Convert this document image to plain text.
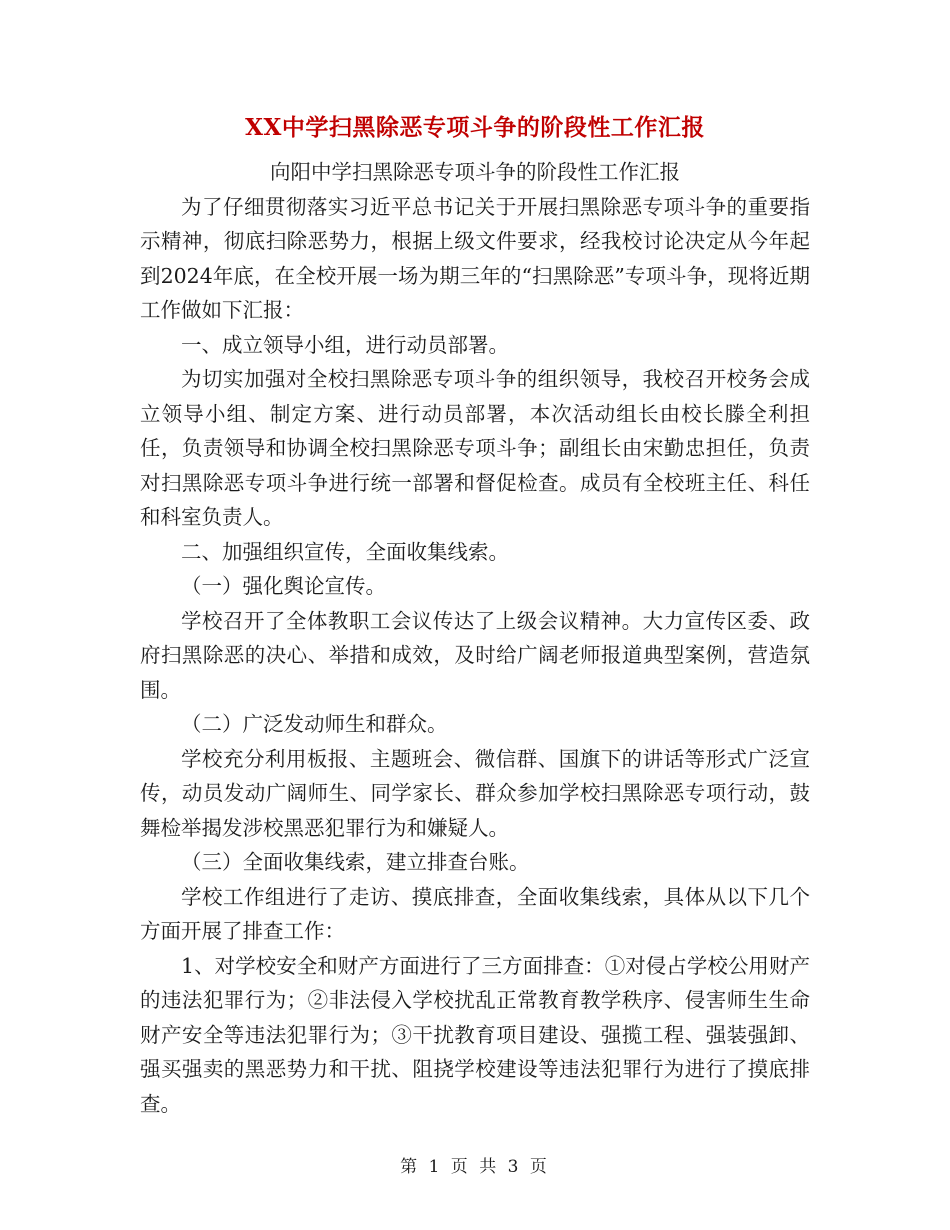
XX中学扫黑除恶专项斗争的阶段性工作汇报

向阳中学扫黑除恶专项斗争的阶段性工作汇报

为了仔细贯彻落实习近平总书记关于开展扫黑除恶专项斗争的重要指示精神，彻底扫除恶势力，根据上级文件要求，经我校讨论决定从今年起到2024年底，在全校开展一场为期三年的“扫黑除恶”专项斗争，现将近期工作做如下汇报：

一、成立领导小组，进行动员部署。

为切实加强对全校扫黑除恶专项斗争的组织领导，我校召开校务会成立领导小组、制定方案、进行动员部署，本次活动组长由校长滕全利担任，负责领导和协调全校扫黑除恶专项斗争；副组长由宋勤忠担任，负责对扫黑除恶专项斗争进行统一部署和督促检查。成员有全校班主任、科任和科室负责人。

二、加强组织宣传，全面收集线索。

（一）强化舆论宣传。

学校召开了全体教职工会议传达了上级会议精神。大力宣传区委、政府扫黑除恶的决心、举措和成效，及时给广阔老师报道典型案例，营造氛围。

（二）广泛发动师生和群众。

学校充分利用板报、主题班会、微信群、国旗下的讲话等形式广泛宣传，动员发动广阔师生、同学家长、群众参加学校扫黑除恶专项行动，鼓舞检举揭发涉校黑恶犯罪行为和嫌疑人。

（三）全面收集线索，建立排查台账。

学校工作组进行了走访、摸底排查，全面收集线索，具体从以下几个方面开展了排查工作：

1、对学校安全和财产方面进行了三方面排查：①对侵占学校公用财产的违法犯罪行为；②非法侵入学校扰乱正常教育教学秩序、侵害师生生命财产安全等违法犯罪行为；③干扰教育项目建设、强揽工程、强装强卸、强买强卖的黑恶势力和干扰、阻挠学校建设等违法犯罪行为进行了摸底排查。

第 1 页 共 3 页
